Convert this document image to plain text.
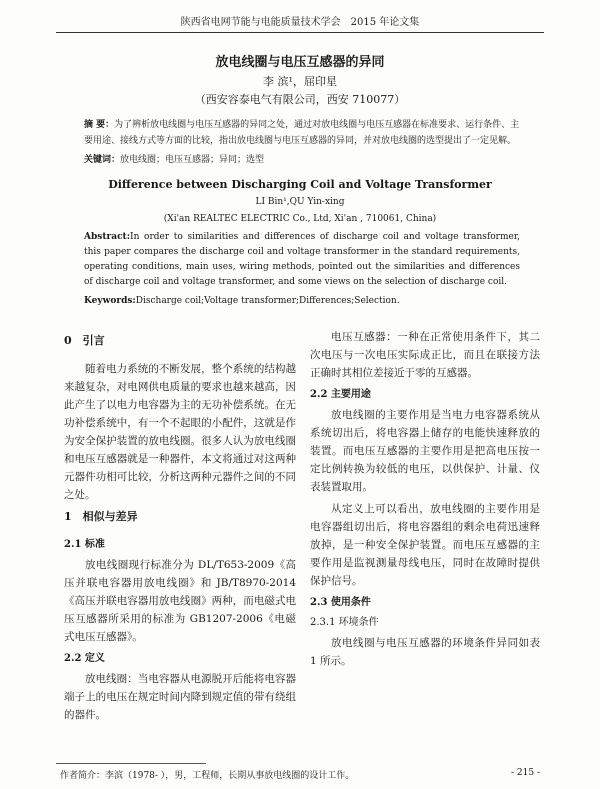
陕西省电网节能与电能质量技术学会　2015 年论文集
放电线圈与电压互感器的异同
李 滨¹，屈印星
（西安容泰电气有限公司，西安 710077）
摘 要：为了辨析放电线圈与电压互感器的异同之处，通过对放电线圈与电压互感器在标准要求、运行条件、主要用途、接线方式等方面的比较，指出放电线圈与电压互感器的异同，并对放电线圈的选型提出了一定见解。
关键词：放电线圈；电压互感器；异同；选型
Difference between Discharging Coil and Voltage Transformer
LI Bin¹,QU Yin-xing
(Xi'an REALTEC ELECTRIC Co., Ltd, Xi'an , 710061, China)
Abstract:In order to similarities and differences of discharge coil and voltage transformer, this paper compares the discharge coil and voltage transformer in the standard requirements, operating conditions, main uses, wiring methods, pointed out the similarities and differences of discharge coil and voltage transformer, and some views on the selection of discharge coil.
Keywords:Discharge coil;Voltage transformer;Differences;Selection.
0　引言

随着电力系统的不断发展，整个系统的结构越来越复杂，对电网供电质量的要求也越来越高，因此产生了以电力电容器为主的无功补偿系统。在无功补偿系统中，有一个不起眼的小配件，这就是作为安全保护装置的放电线圈。很多人认为放电线圈和电压互感器就是一种器件，本文将通过对这两种元器件功相可比较，分析这两种元器件之间的不同之处。

1　相似与差异
2.1 标准

放电线圈现行标准分为 DL/T653-2009《高压并联电容器用放电线圈》和 JB/T8970-2014《高压并联电容器用放电线圈》两种，而电磁式电压互感器所采用的标准为 GB1207-2006《电磁式电压互感器》。

2.2 定义

放电线圈：当电容器从电源脱开后能将电容器端子上的电压在规定时间内降到规定值的带有绕组的器件。

电压互感器：一种在正常使用条件下，其二次电压与一次电压实际成正比，而且在联接方法正确时其相位差接近于零的互感器。

2.2 主要用途

放电线圈的主要作用是当电力电容器系统从系统切出后，将电容器上储存的电能快速释放的装置。而电压互感器的主要作用是把高电压按一定比例转换为较低的电压，以供保护、计量、仪表装置取用。

从定义上可以看出，放电线圈的主要作用是电容器组切出后，将电容器组的剩余电荷迅速释放掉，是一种安全保护装置。而电压互感器的主要作用是监视测量母线电压，同时在故障时提供保护信号。

2.3 使用条件
2.3.1 环境条件

放电线圈与电压互感器的环境条件异同如表 1 所示。

作者简介：李滨（1978- ），男，工程师，长期从事放电线圈的设计工作。	- 215 -
